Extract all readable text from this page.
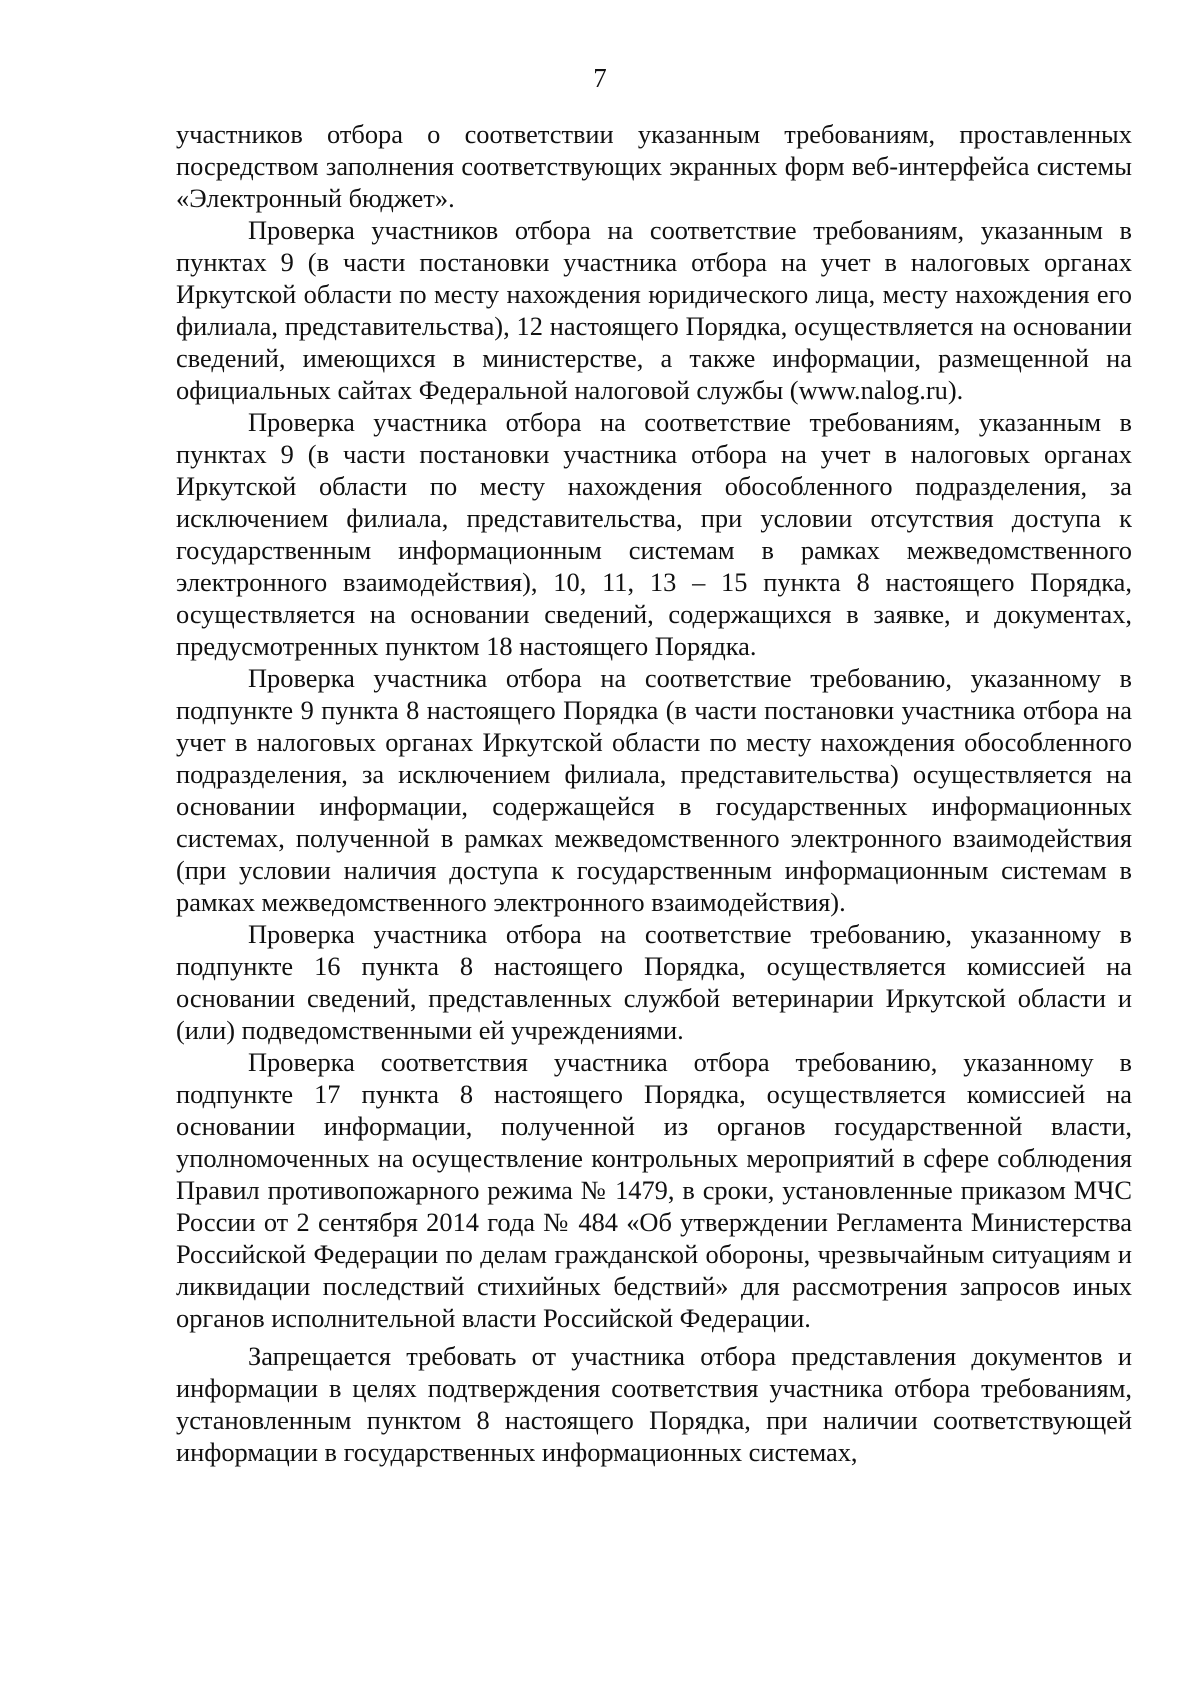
7

участников отбора о соответствии указанным требованиям, проставленных посредством заполнения соответствующих экранных форм веб-интерфейса системы «Электронный бюджет».

Проверка участников отбора на соответствие требованиям, указанным в пунктах 9 (в части постановки участника отбора на учет в налоговых органах Иркутской области по месту нахождения юридического лица, месту нахождения его филиала, представительства), 12 настоящего Порядка, осуществляется на основании сведений, имеющихся в министерстве, а также информации, размещенной на официальных сайтах Федеральной налоговой службы (www.nalog.ru).

Проверка участника отбора на соответствие требованиям, указанным в пунктах 9 (в части постановки участника отбора на учет в налоговых органах Иркутской области по месту нахождения обособленного подразделения, за исключением филиала, представительства, при условии отсутствия доступа к государственным информационным системам в рамках межведомственного электронного взаимодействия), 10, 11, 13 – 15 пункта 8 настоящего Порядка, осуществляется на основании сведений, содержащихся в заявке, и документах, предусмотренных пунктом 18 настоящего Порядка.

Проверка участника отбора на соответствие требованию, указанному в подпункте 9 пункта 8 настоящего Порядка (в части постановки участника отбора на учет в налоговых органах Иркутской области по месту нахождения обособленного подразделения, за исключением филиала, представительства) осуществляется на основании информации, содержащейся в государственных информационных системах, полученной в рамках межведомственного электронного взаимодействия (при условии наличия доступа к государственным информационным системам в рамках межведомственного электронного взаимодействия).

Проверка участника отбора на соответствие требованию, указанному в подпункте 16 пункта 8 настоящего Порядка, осуществляется комиссией на основании сведений, представленных службой ветеринарии Иркутской области и (или) подведомственными ей учреждениями.

Проверка соответствия участника отбора требованию, указанному в подпункте 17 пункта 8 настоящего Порядка, осуществляется комиссией на основании информации, полученной из органов государственной власти, уполномоченных на осуществление контрольных мероприятий в сфере соблюдения Правил противопожарного режима № 1479, в сроки, установленные приказом МЧС России от 2 сентября 2014 года № 484 «Об утверждении Регламента Министерства Российской Федерации по делам гражданской обороны, чрезвычайным ситуациям и ликвидации последствий стихийных бедствий» для рассмотрения запросов иных органов исполнительной власти Российской Федерации.

Запрещается требовать от участника отбора представления документов и информации в целях подтверждения соответствия участника отбора требованиям, установленным пунктом 8 настоящего Порядка, при наличии соответствующей информации в государственных информационных системах,
